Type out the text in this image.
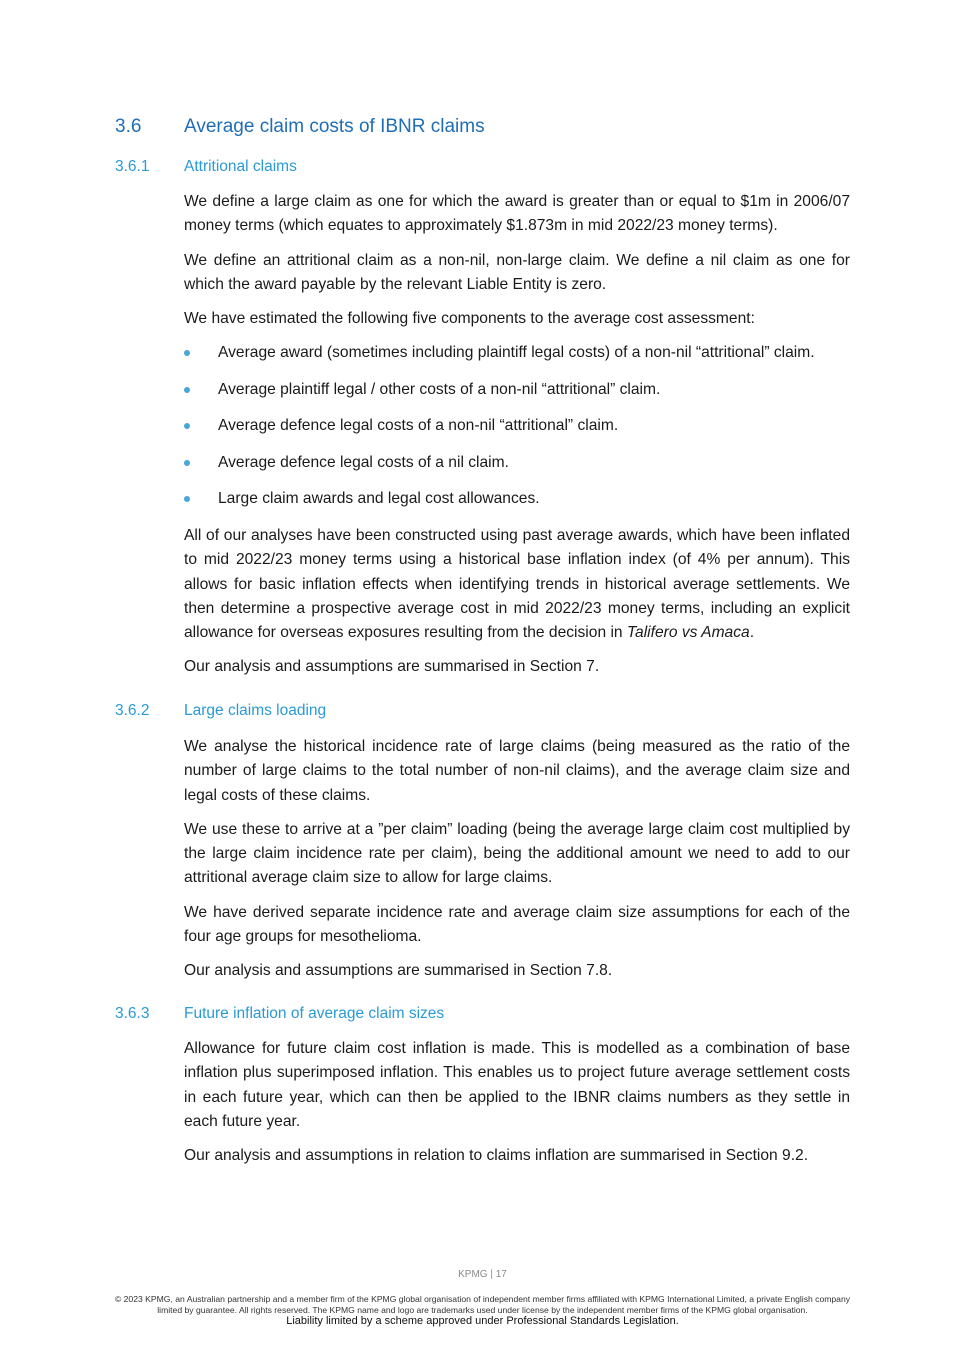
3.6	Average claim costs of IBNR claims
3.6.1	Attritional claims

We define a large claim as one for which the award is greater than or equal to $1m in 2006/07 money terms (which equates to approximately $1.873m in mid 2022/23 money terms).

We define an attritional claim as a non-nil, non-large claim. We define a nil claim as one for which the award payable by the relevant Liable Entity is zero.

We have estimated the following five components to the average cost assessment:

Average award (sometimes including plaintiff legal costs) of a non-nil “attritional” claim.
Average plaintiff legal / other costs of a non-nil “attritional” claim.
Average defence legal costs of a non-nil “attritional” claim.
Average defence legal costs of a nil claim.
Large claim awards and legal cost allowances.

All of our analyses have been constructed using past average awards, which have been inflated to mid 2022/23 money terms using a historical base inflation index (of 4% per annum). This allows for basic inflation effects when identifying trends in historical average settlements. We then determine a prospective average cost in mid 2022/23 money terms, including an explicit allowance for overseas exposures resulting from the decision in Talifero vs Amaca.

Our analysis and assumptions are summarised in Section 7.

3.6.2	Large claims loading

We analyse the historical incidence rate of large claims (being measured as the ratio of the number of large claims to the total number of non-nil claims), and the average claim size and legal costs of these claims.

We use these to arrive at a ”per claim” loading (being the average large claim cost multiplied by the large claim incidence rate per claim), being the additional amount we need to add to our attritional average claim size to allow for large claims.

We have derived separate incidence rate and average claim size assumptions for each of the four age groups for mesothelioma.

Our analysis and assumptions are summarised in Section 7.8.

3.6.3	Future inflation of average claim sizes

Allowance for future claim cost inflation is made. This is modelled as a combination of base inflation plus superimposed inflation. This enables us to project future average settlement costs in each future year, which can then be applied to the IBNR claims numbers as they settle in each future year.

Our analysis and assumptions in relation to claims inflation are summarised in Section 9.2.

KPMG | 17
© 2023 KPMG, an Australian partnership and a member firm of the KPMG global organisation of independent member firms affiliated with KPMG International Limited, a private English company limited by guarantee. All rights reserved. The KPMG name and logo are trademarks used under license by the independent member firms of the KPMG global organisation.
Liability limited by a scheme approved under Professional Standards Legislation.
